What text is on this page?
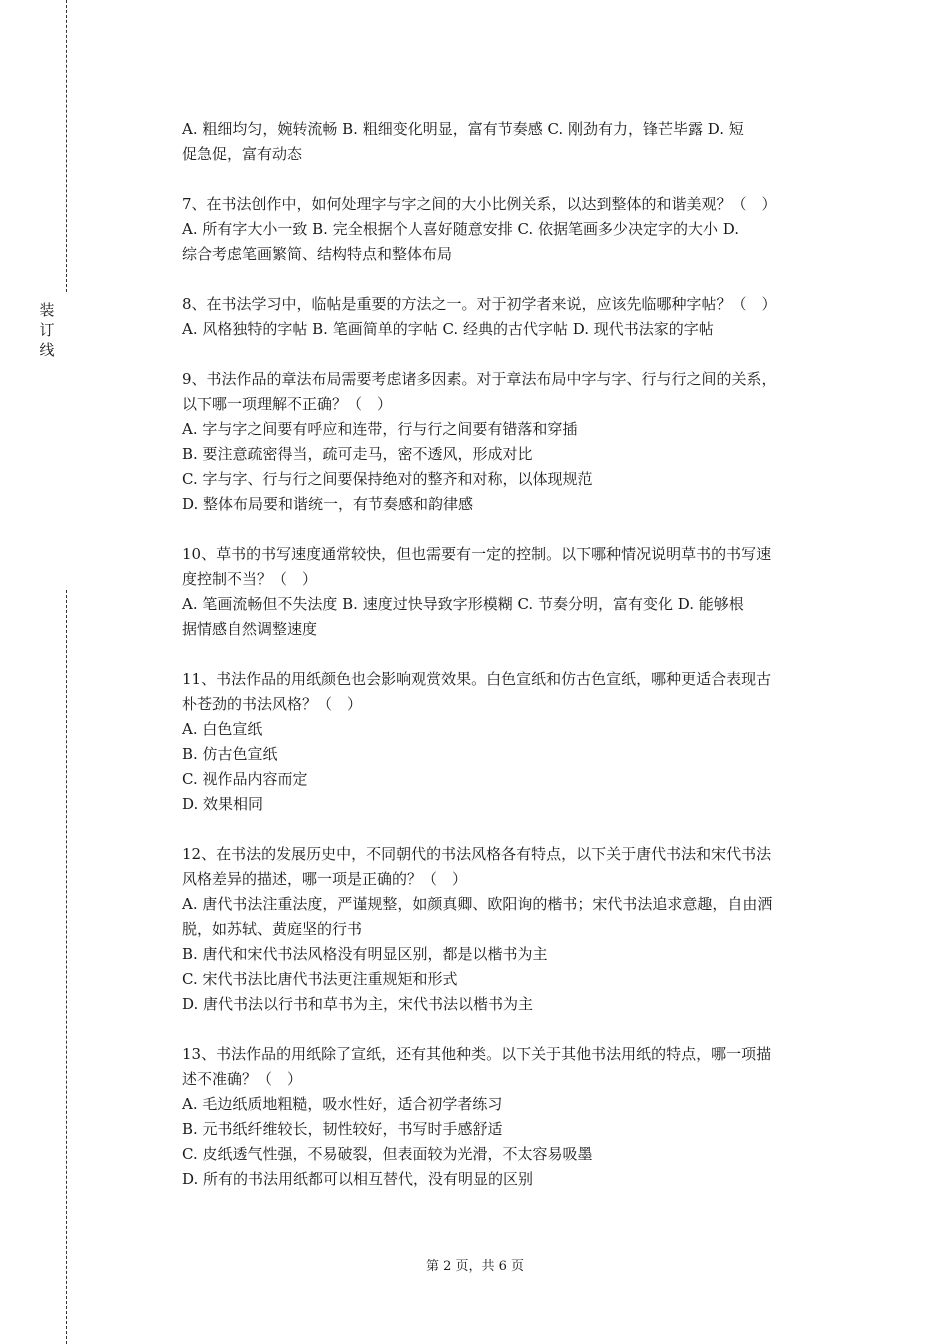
装
订
线
A. 粗细均匀，婉转流畅 B. 粗细变化明显，富有节奏感 C. 刚劲有力，锋芒毕露 D. 短
促急促，富有动态
7、在书法创作中，如何处理字与字之间的大小比例关系，以达到整体的和谐美观？（　）
A. 所有字大小一致 B. 完全根据个人喜好随意安排 C. 依据笔画多少决定字的大小 D.
综合考虑笔画繁简、结构特点和整体布局
8、在书法学习中，临帖是重要的方法之一。对于初学者来说，应该先临哪种字帖？（　）
A. 风格独特的字帖 B. 笔画简单的字帖 C. 经典的古代字帖 D. 现代书法家的字帖
9、书法作品的章法布局需要考虑诸多因素。对于章法布局中字与字、行与行之间的关系，
以下哪一项理解不正确？（　）
A. 字与字之间要有呼应和连带，行与行之间要有错落和穿插
B. 要注意疏密得当，疏可走马，密不透风，形成对比
C. 字与字、行与行之间要保持绝对的整齐和对称，以体现规范
D. 整体布局要和谐统一，有节奏感和韵律感
10、草书的书写速度通常较快，但也需要有一定的控制。以下哪种情况说明草书的书写速
度控制不当？（　）
A. 笔画流畅但不失法度 B. 速度过快导致字形模糊 C. 节奏分明，富有变化 D. 能够根
据情感自然调整速度
11、书法作品的用纸颜色也会影响观赏效果。白色宣纸和仿古色宣纸，哪种更适合表现古
朴苍劲的书法风格？（　）
A. 白色宣纸
B. 仿古色宣纸
C. 视作品内容而定
D. 效果相同
12、在书法的发展历史中，不同朝代的书法风格各有特点，以下关于唐代书法和宋代书法
风格差异的描述，哪一项是正确的？（　）
A. 唐代书法注重法度，严谨规整，如颜真卿、欧阳询的楷书；宋代书法追求意趣，自由洒
脱，如苏轼、黄庭坚的行书
B. 唐代和宋代书法风格没有明显区别，都是以楷书为主
C. 宋代书法比唐代书法更注重规矩和形式
D. 唐代书法以行书和草书为主，宋代书法以楷书为主
13、书法作品的用纸除了宣纸，还有其他种类。以下关于其他书法用纸的特点，哪一项描
述不准确？（　）
A. 毛边纸质地粗糙，吸水性好，适合初学者练习
B. 元书纸纤维较长，韧性较好，书写时手感舒适
C. 皮纸透气性强，不易破裂，但表面较为光滑，不太容易吸墨
D. 所有的书法用纸都可以相互替代，没有明显的区别
第 2 页，共 6 页
